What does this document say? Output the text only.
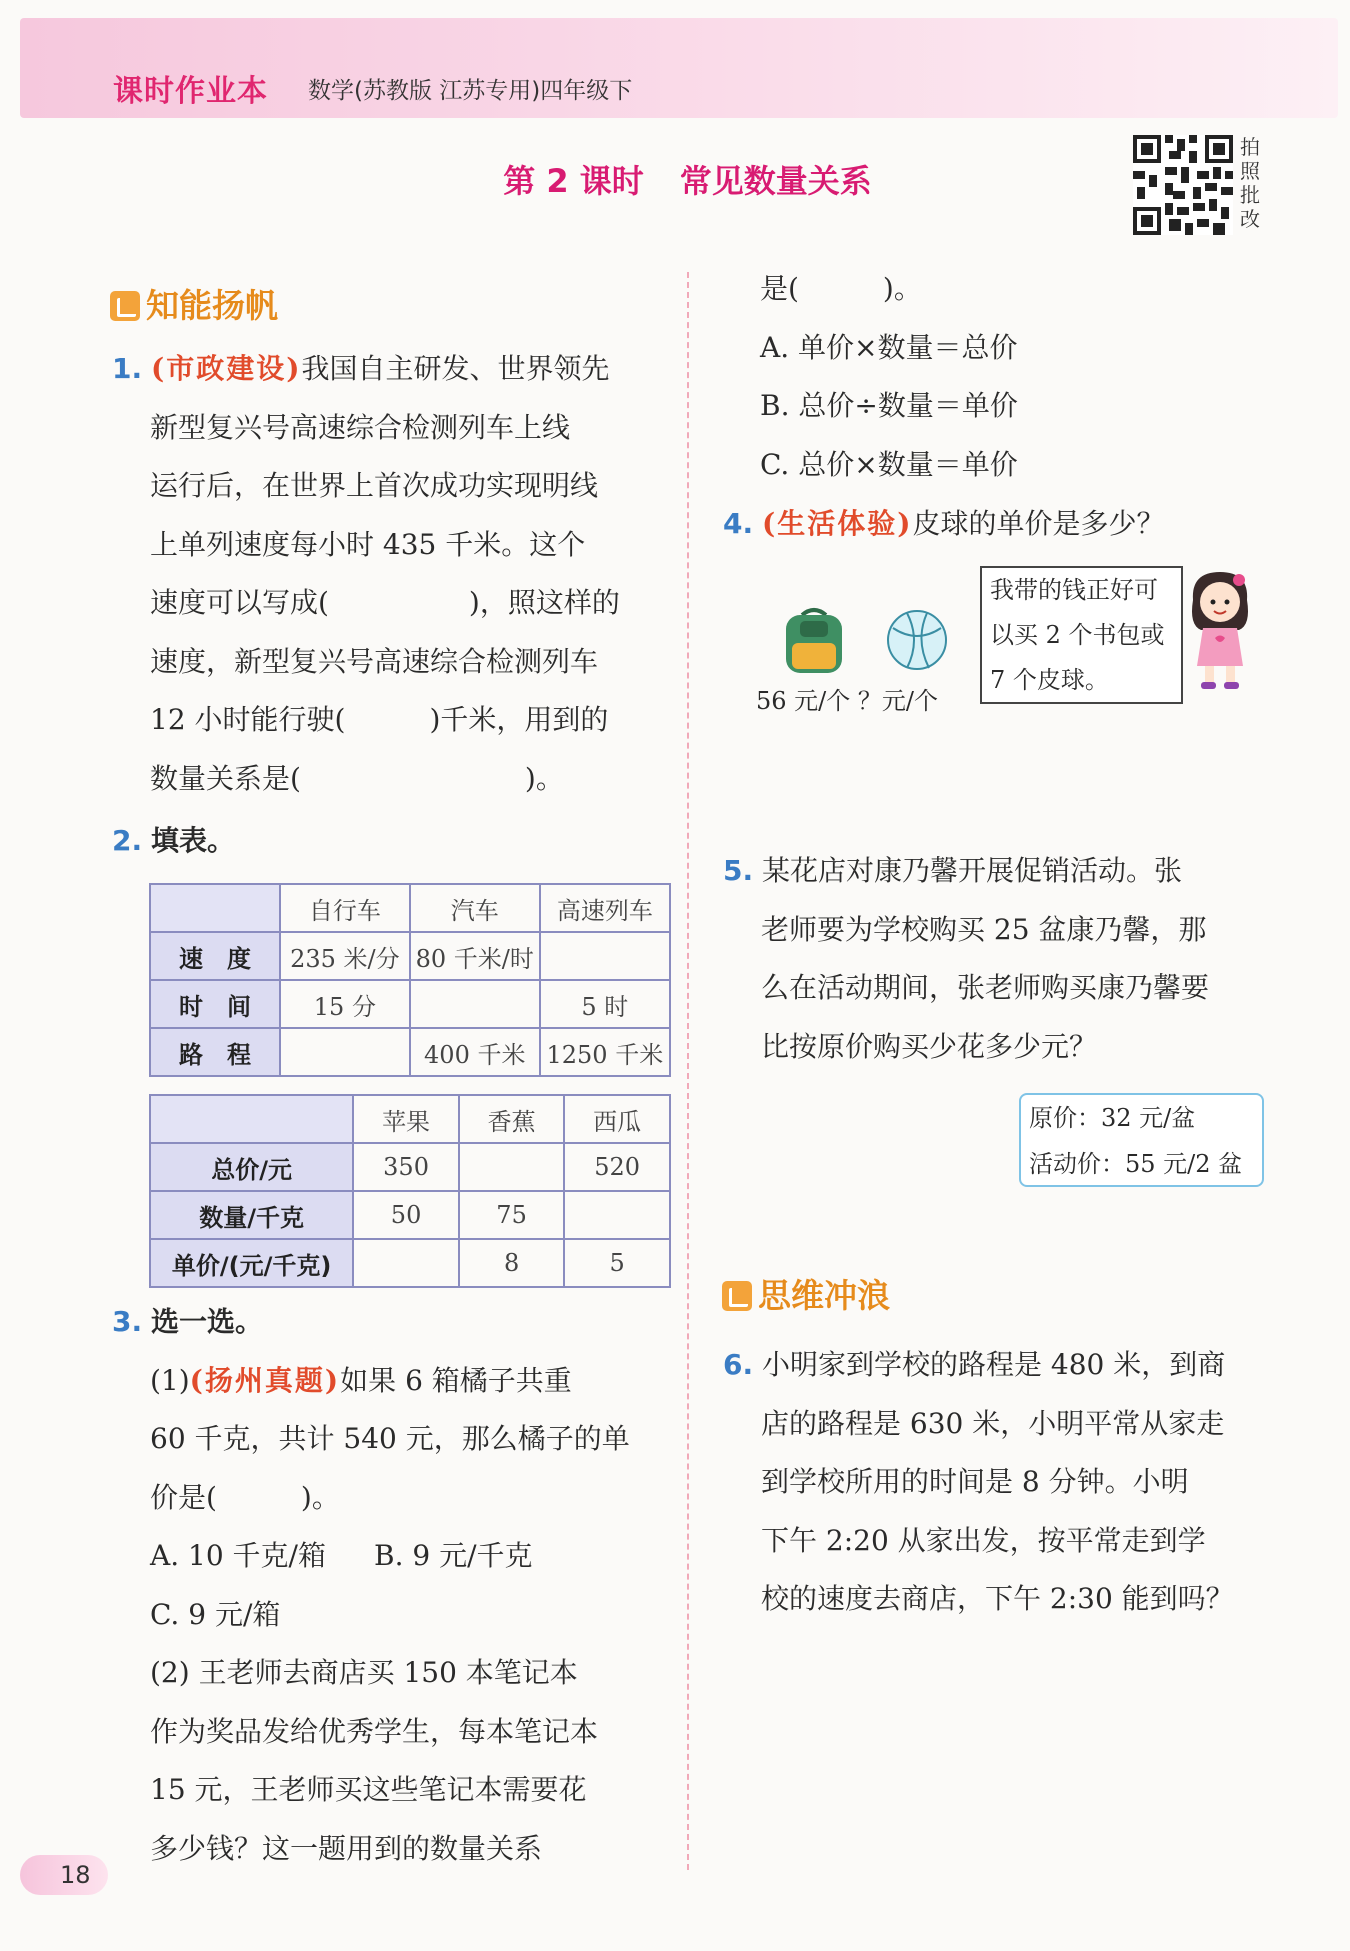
课时作业本 数学(苏教版 江苏专用)四年级下
第 2 课时 常见数量关系
拍照批改
知能扬帆
1. (市政建设)我国自主研发、世界领先
新型复兴号高速综合检测列车上线
运行后，在世界上首次成功实现明线
上单列速度每小时 435 千米。这个
速度可以写成(　　　　　)，照这样的
速度，新型复兴号高速综合检测列车
12 小时能行驶(　　　)千米，用到的
数量关系是(　　　　　　　　)。
2. 填表。
	自行车	汽车	高速列车
速　度	235 米/分	80 千米/时	
时　间	15 分		5 时
路　程		400 千米	1250 千米
	苹果	香蕉	西瓜
总价/元	350		520
数量/千克	50	75	
单价/(元/千克)		8	5
3. 选一选。
(1)(扬州真题)如果 6 箱橘子共重
60 千克，共计 540 元，那么橘子的单
价是(　　　)。
A. 10 千克/箱 B. 9 元/千克
C. 9 元/箱
(2) 王老师去商店买 150 本笔记本
作为奖品发给优秀学生，每本笔记本
15 元，王老师买这些笔记本需要花
多少钱？这一题用到的数量关系
是(　　　)。
A. 单价×数量＝总价
B. 总价÷数量＝单价
C. 总价×数量＝单价
4. (生活体验)皮球的单价是多少？
56 元/个 ？元/个
我带的钱正好可
以买 2 个书包或
7 个皮球。
5. 某花店对康乃馨开展促销活动。张
老师要为学校购买 25 盆康乃馨，那
么在活动期间，张老师购买康乃馨要
比按原价购买少花多少元？
原价：32 元/盆
活动价：55 元/2 盆
思维冲浪
6. 小明家到学校的路程是 480 米，到商
店的路程是 630 米，小明平常从家走
到学校所用的时间是 8 分钟。小明
下午 2:20 从家出发，按平常走到学
校的速度去商店，下午 2:30 能到吗？
18
